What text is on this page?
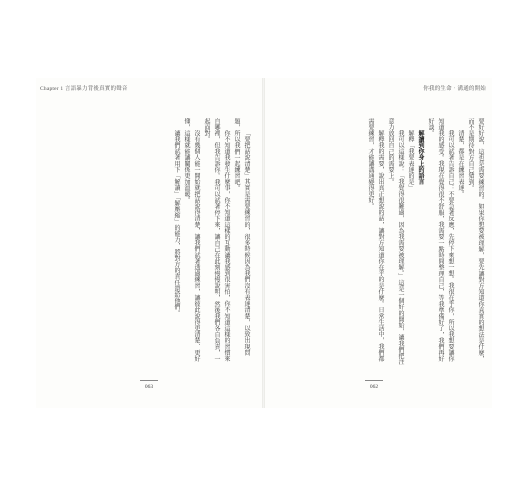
Chapter 1 言語暴力背後真實的聲音

「要把話說清楚」其實是需要練習的，很多時候因為我們沒有表達清楚，以致出現問題，所以我們一起練習吧。

你不知道我發生什麼事，你不知道這樣的互動讓我感到很害怕，你不知道這樣的習慣來自哪裡，但我告訴你。我可以試著停下來，讓自己在此刻慢慢說明，然後我們各自負責，一起面對。

沒有幾個人能一開始就把話說得清楚，讓我們試著透過練習，讓彼此說得更清楚、更好懂，這樣就能讓關係更加溫暖。

讓我們試著用下「解讀」「解壓縮」的能力，將對方的責任還給他們。

063
你我的生命‧溝通的開始

要好好說，這也是需要練習的。如果你想要被理解，要先讓對方知道你真實的想法是什麼，而不是期待對方自己猜到。

清楚，都是在練習表達。

我可以試著告訴自己：不要急著反應，先停下來想一想。我很在乎你，所以我想要讓你知道我的感受。我現在覺得很不舒服，我需要一點時間整理自己，等我準備好了，我們再好好談。

解讀到你身上的語言

解釋「我要表達的是」

我可以這樣說：「我覺得很難過，因為我需要被理解。」這是一個好的開始，讓我們把注意力放回自己的需要上。

解釋我的需要，說出真正想說的話，讓對方知道你在乎的是什麼。日常生活中，我們都需要練習，才能讓溝通變得更好。

062
